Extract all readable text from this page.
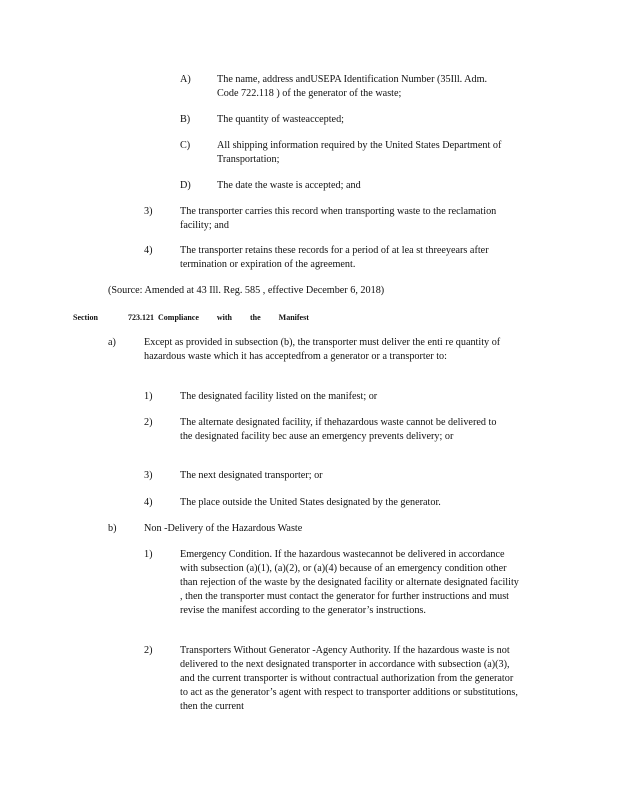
A)	The name, address andUSEPA Identification Number (35Ill. Adm. Code 722.118 ) of the generator of the waste;
B)	The quantity of wasteaccepted;
C)	All shipping information required by the United States Department of Transportation;
D)	The date the waste is accepted; and
3)	The transporter carries this record when transporting waste to the reclamation facility; and
4)	The transporter retains these records for a period of at lea st threeyears after termination or expiration of the agreement.
(Source: Amended at 43 Ill. Reg. 585 , effective December 6, 2018)
Section	723.121 Compliance with the Manifest
a)	Except as provided in subsection (b), the transporter must deliver the enti re quantity of hazardous waste which it has acceptedfrom a generator or a transporter to:
1)	The designated facility listed on the manifest; or
2)	The alternate designated facility, if thehazardous waste cannot be delivered to the designated facility bec ause an emergency prevents delivery; or
3)	The next designated transporter; or
4)	The place outside the United States designated by the generator.
b)	Non -Delivery of the Hazardous Waste
1)	Emergency Condition. If the hazardous wastecannot be delivered in accordance with subsection (a)(1), (a)(2), or (a)(4) because of an emergency condition other than rejection of the waste by the designated facility or alternate designated facility , then the transporter must contact the generator for further instructions and must revise the manifest according to the generator’s instructions.
2)	Transporters Without Generator -Agency Authority. If the hazardous waste is not delivered to the next designated transporter in accordance with subsection (a)(3), and the current transporter is without contractual authorization from the generator to act as the generator’s agent with respect to transporter additions or substitutions, then the current
